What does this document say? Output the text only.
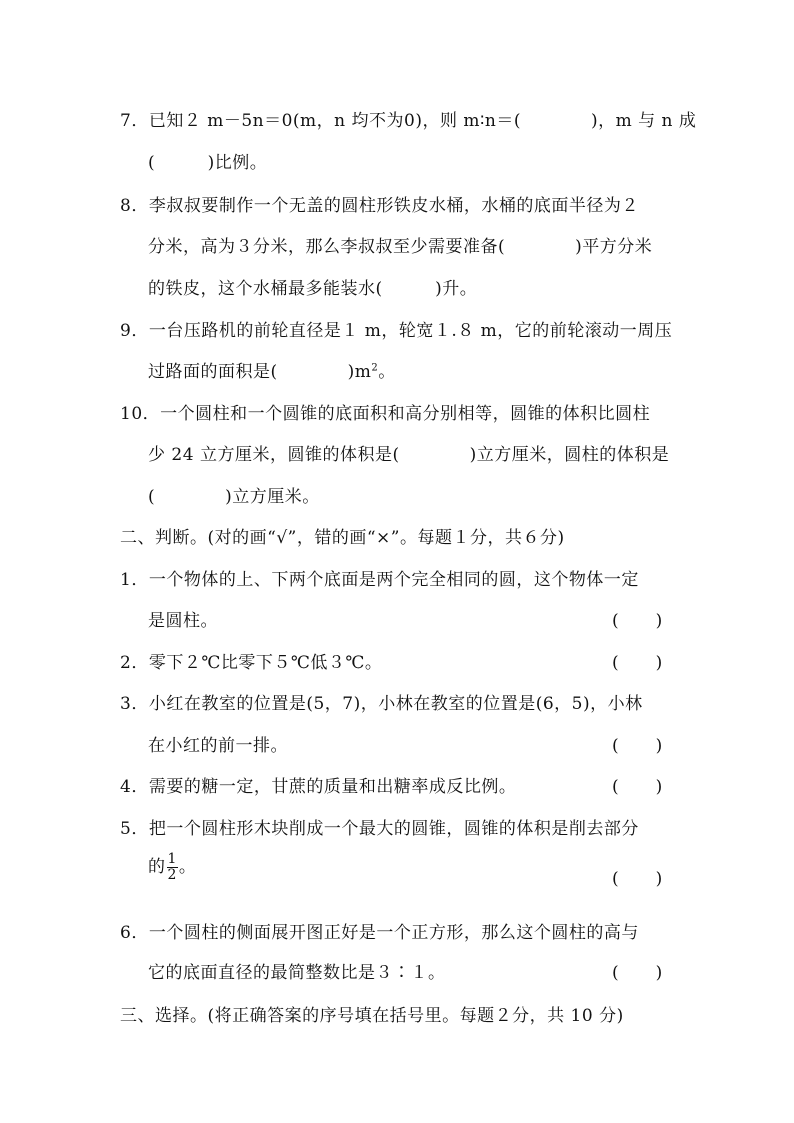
7．已知２ m－5n＝0(m，n 均不为0)，则 m∶n＝(　　　　)，m 与 n 成
(　　　)比例。
8．李叔叔要制作一个无盖的圆柱形铁皮水桶，水桶的底面半径为２
分米，高为３分米，那么李叔叔至少需要准备(　　　　)平方分米
的铁皮，这个水桶最多能装水(　　　)升。
9．一台压路机的前轮直径是１ m，轮宽１.８ m，它的前轮滚动一周压
过路面的面积是(　　　　)$m^2$。
10．一个圆柱和一个圆锥的底面积和高分别相等，圆锥的体积比圆柱
少 24 立方厘米，圆锥的体积是(　　　　)立方厘米，圆柱的体积是
(　　　　)立方厘米。
二、判断。(对的画“√”，错的画“×”。每题１分，共６分)
1．一个物体的上、下两个底面是两个完全相同的圆，这个物体一定
是圆柱。	(　　)
2．零下２℃比零下５℃低３℃。	(　　)
3．小红在教室的位置是(5，7)，小林在教室的位置是(6，5)，小林
在小红的前一排。	(　　)
4．需要的糖一定，甘蔗的质量和出糖率成反比例。	(　　)
5．把一个圆柱形木块削成一个最大的圆锥，圆锥的体积是削去部分
的 $\frac{1}{2}$ 。
(　　)
6．一个圆柱的侧面展开图正好是一个正方形，那么这个圆柱的高与
它的底面直径的最简整数比是３∶１。	(　　)
三、选择。(将正确答案的序号填在括号里。每题２分，共 10 分)
